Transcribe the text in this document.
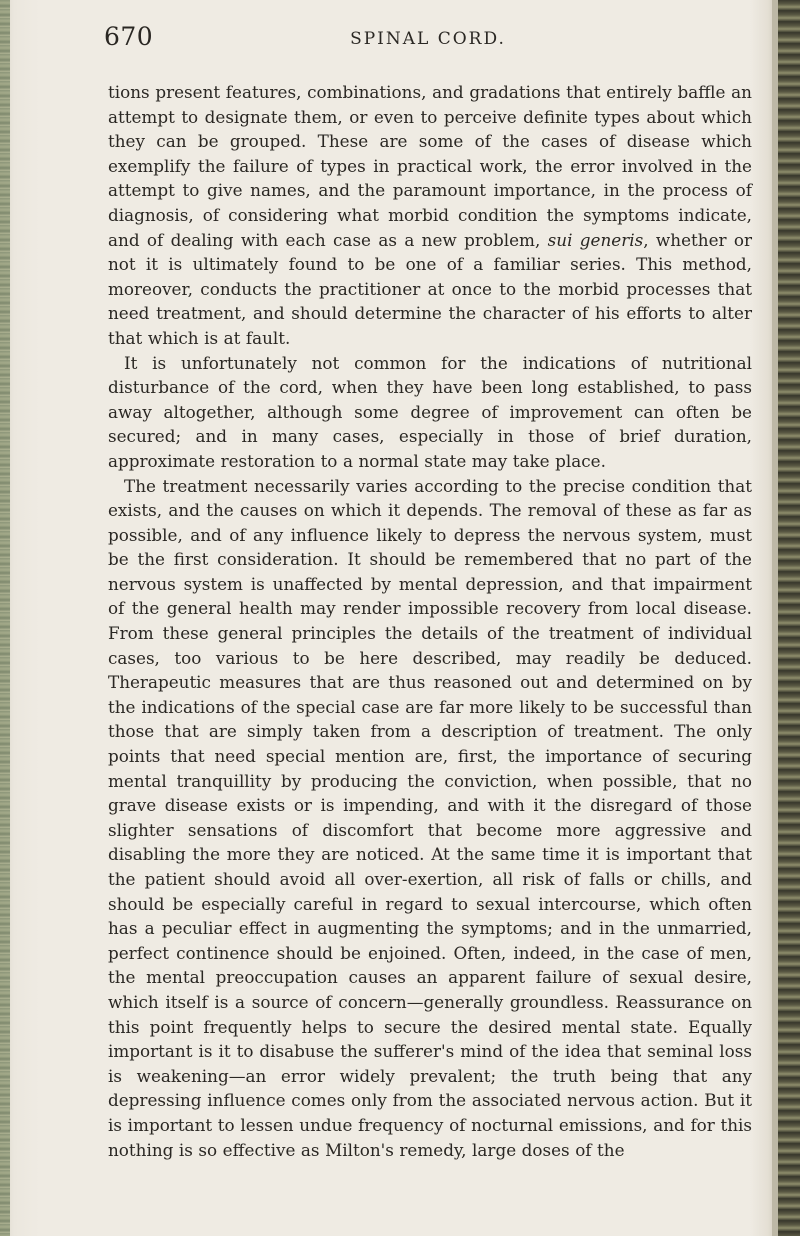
670	SPINAL CORD.

tions present features, combinations, and gradations that entirely baffle an attempt to designate them, or even to perceive definite types about which they can be grouped. These are some of the cases of disease which exemplify the failure of types in practical work, the error involved in the attempt to give names, and the paramount importance, in the process of diagnosis, of considering what morbid condition the symptoms indicate, and of dealing with each case as a new problem, sui generis, whether or not it is ultimately found to be one of a familiar series. This method, moreover, conducts the practitioner at once to the morbid processes that need treatment, and should determine the character of his efforts to alter that which is at fault.

It is unfortunately not common for the indications of nutritional disturbance of the cord, when they have been long established, to pass away altogether, although some degree of improvement can often be secured; and in many cases, especially in those of brief duration, approximate restoration to a normal state may take place.

The treatment necessarily varies according to the precise condition that exists, and the causes on which it depends. The removal of these as far as possible, and of any influence likely to depress the nervous system, must be the first consideration. It should be remembered that no part of the nervous system is unaffected by mental depression, and that impairment of the general health may render impossible recovery from local disease. From these general principles the details of the treatment of individual cases, too various to be here described, may readily be deduced. Therapeutic measures that are thus reasoned out and determined on by the indications of the special case are far more likely to be successful than those that are simply taken from a description of treatment. The only points that need special mention are, first, the importance of securing mental tranquillity by producing the conviction, when possible, that no grave disease exists or is impending, and with it the disregard of those slighter sensations of discomfort that become more aggressive and disabling the more they are noticed. At the same time it is important that the patient should avoid all over-exertion, all risk of falls or chills, and should be especially careful in regard to sexual intercourse, which often has a peculiar effect in augmenting the symptoms; and in the unmarried, perfect continence should be enjoined. Often, indeed, in the case of men, the mental preoccupation causes an apparent failure of sexual desire, which itself is a source of concern—generally groundless. Reassurance on this point frequently helps to secure the desired mental state. Equally important is it to disabuse the sufferer's mind of the idea that seminal loss is weakening—an error widely prevalent; the truth being that any depressing influence comes only from the associated nervous action. But it is important to lessen undue frequency of nocturnal emissions, and for this nothing is so effective as Milton's remedy, large doses of the
